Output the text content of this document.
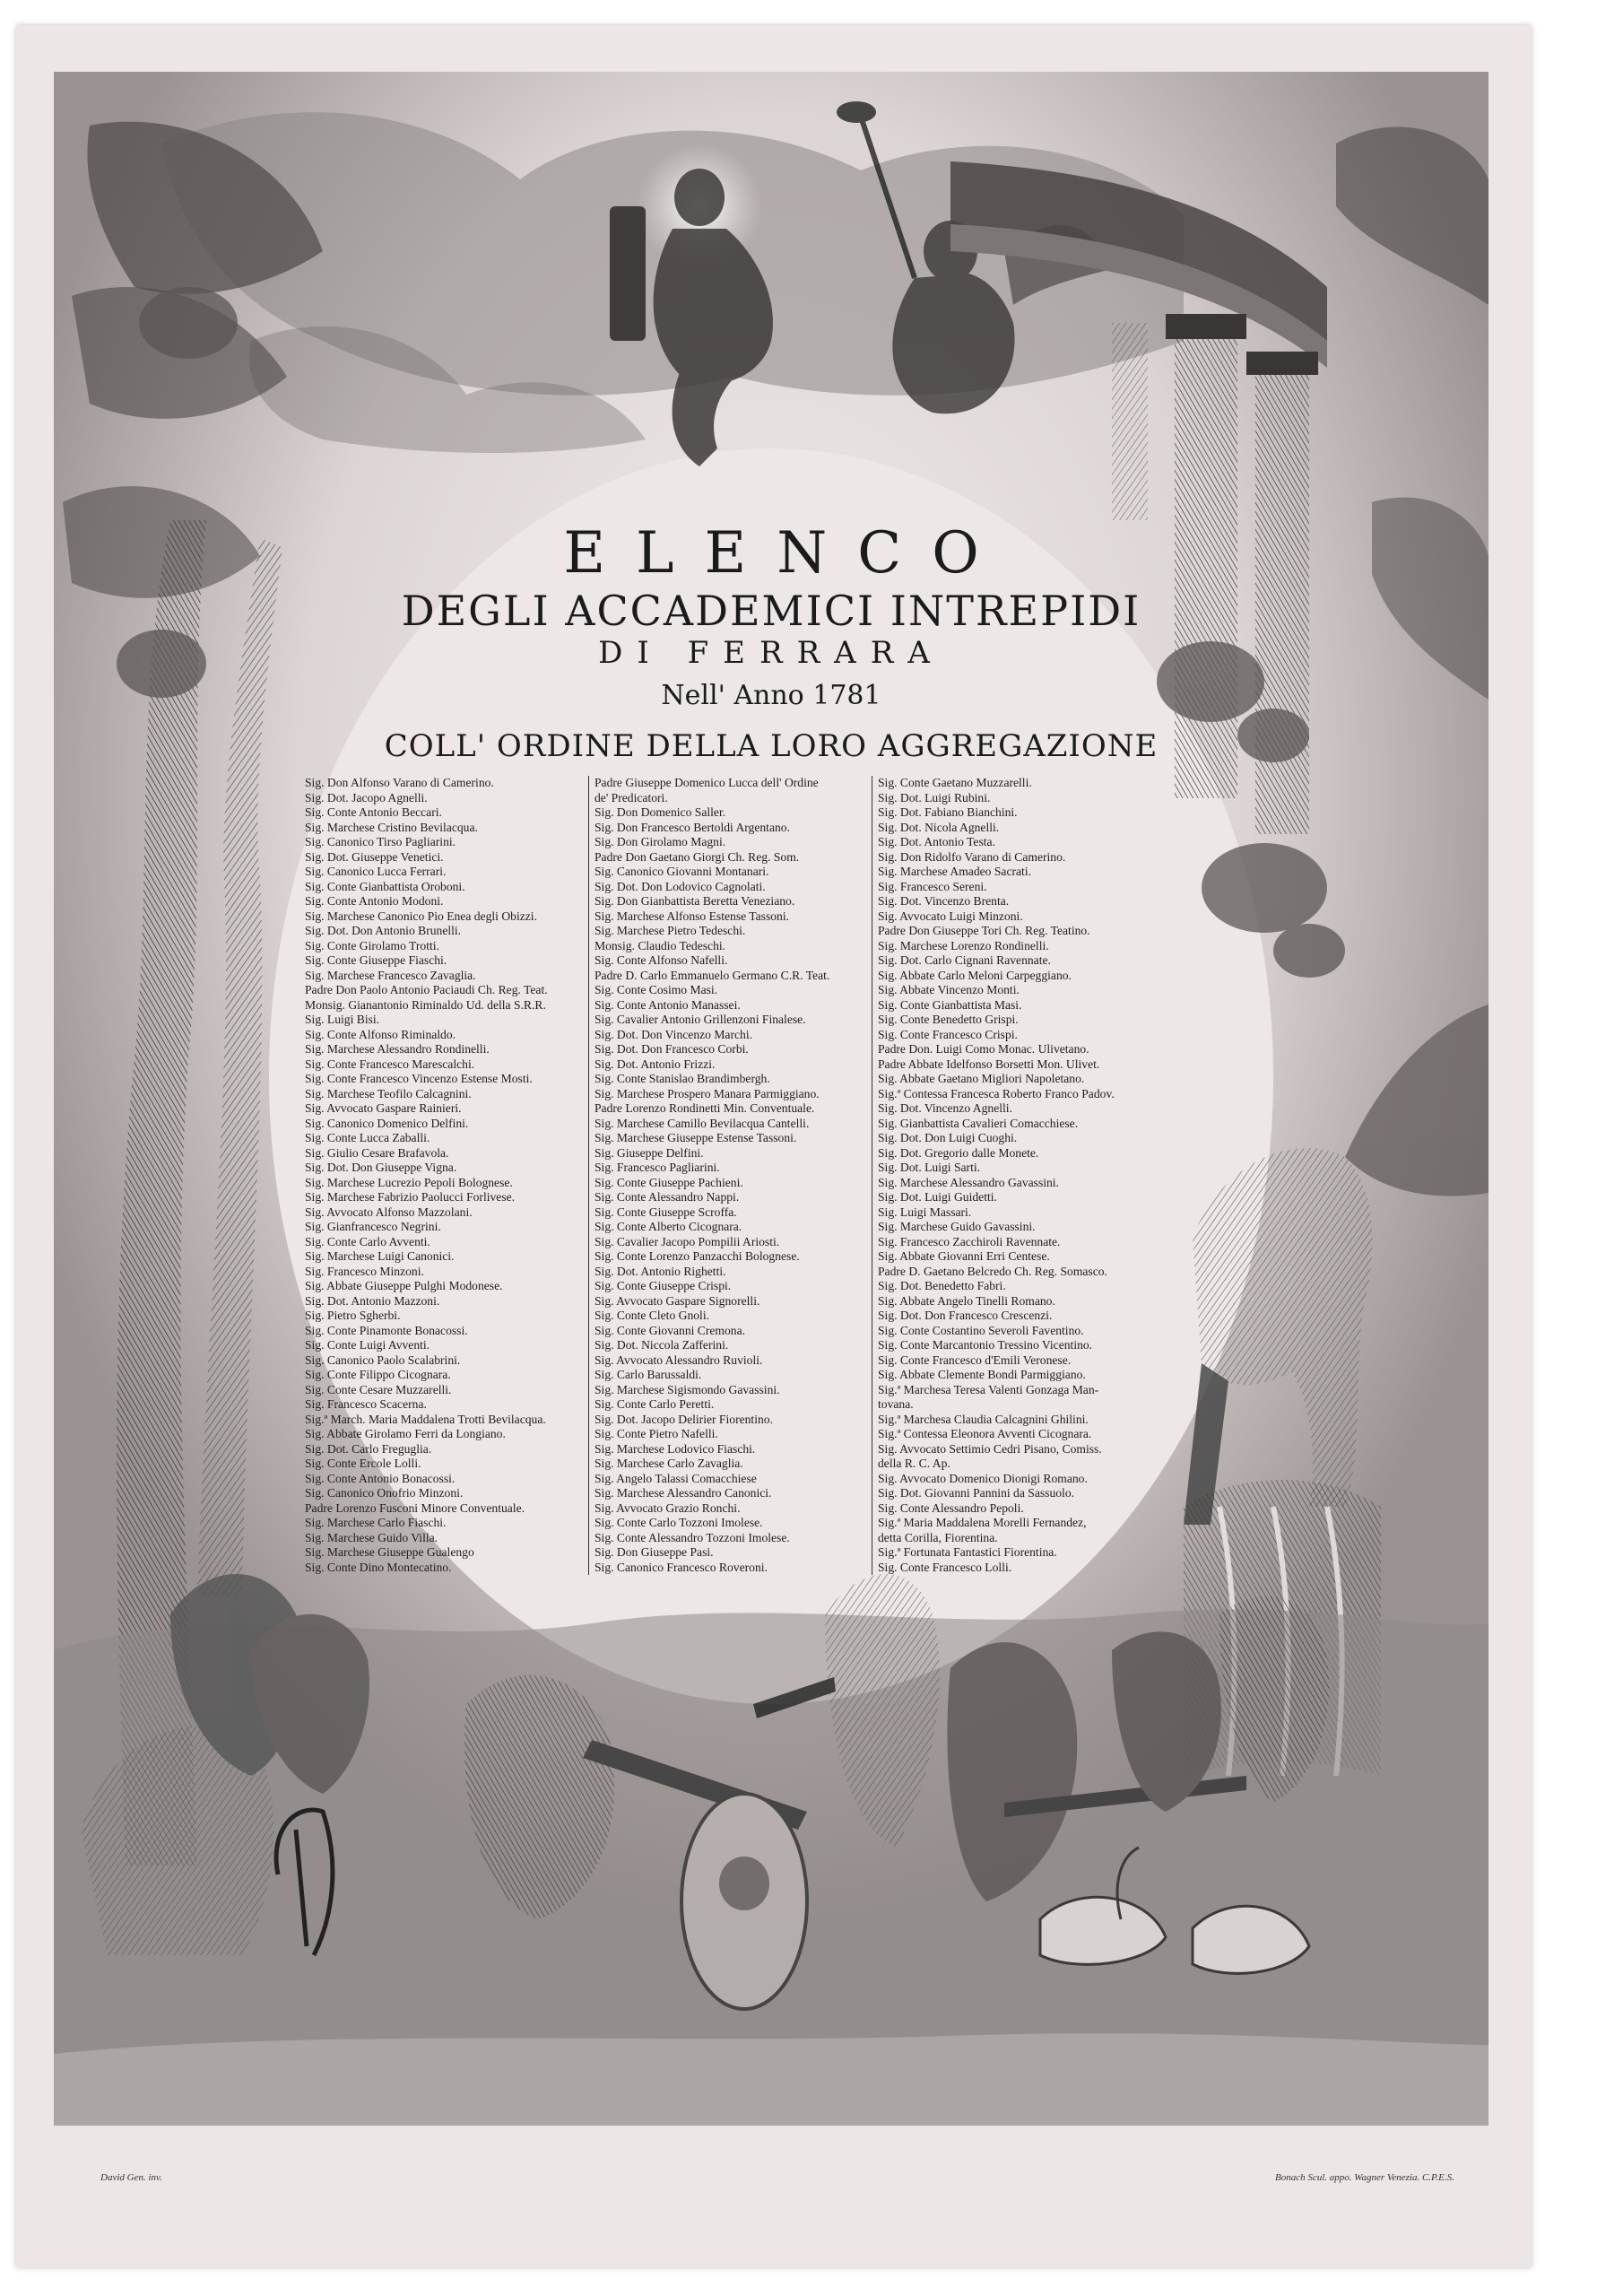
ELENCO
DEGLI ACCADEMICI INTREPIDI
DI FERRARA
Nell' Anno 1781
COLL' ORDINE DELLA LORO AGGREGAZIONE
Sig. Don Alfonso Varano di Camerino.
Sig. Dot. Jacopo Agnelli.
Sig. Conte Antonio Beccari.
Sig. Marchese Cristino Bevilacqua.
Sig. Canonico Tirso Pagliarini.
Sig. Dot. Giuseppe Venetici.
Sig. Canonico Lucca Ferrari.
Sig. Conte Gianbattista Oroboni.
Sig. Conte Antonio Modoni.
Sig. Marchese Canonico Pio Enea degli Obizzi.
Sig. Dot. Don Antonio Brunelli.
Sig. Conte Girolamo Trotti.
Sig. Conte Giuseppe Fiaschi.
Sig. Marchese Francesco Zavaglia.
Padre Don Paolo Antonio Paciaudi Ch. Reg. Teat.
Monsig. Gianantonio Riminaldo Ud. della S.R.R.
Sig. Luigi Bisi.
Sig. Conte Alfonso Riminaldo.
Sig. Marchese Alessandro Rondinelli.
Sig. Conte Francesco Marescalchi.
Sig. Conte Francesco Vincenzo Estense Mosti.
Sig. Marchese Teofilo Calcagnini.
Sig. Avvocato Gaspare Rainieri.
Sig. Canonico Domenico Delfini.
Sig. Conte Lucca Zaballi.
Sig. Giulio Cesare Brafavola.
Sig. Dot. Don Giuseppe Vigna.
Sig. Marchese Lucrezio Pepoli Bolognese.
Sig. Marchese Fabrizio Paolucci Forlivese.
Sig. Avvocato Alfonso Mazzolani.
Sig. Gianfrancesco Negrini.
Sig. Conte Carlo Avventi.
Sig. Marchese Luigi Canonici.
Sig. Francesco Minzoni.
Sig. Abbate Giuseppe Pulghi Modonese.
Sig. Dot. Antonio Mazzoni.
Sig. Pietro Sgherbi.
Sig. Conte Pinamonte Bonacossi.
Sig. Conte Luigi Avventi.
Sig. Canonico Paolo Scalabrini.
Sig. Conte Filippo Cicognara.
Sig. Conte Cesare Muzzarelli.
Sig. Francesco Scacerna.
Sig.ª March. Maria Maddalena Trotti Bevilacqua.
Sig. Abbate Girolamo Ferri da Longiano.
Sig. Dot. Carlo Freguglia.
Sig. Conte Ercole Lolli.
Sig. Conte Antonio Bonacossi.
Sig. Canonico Onofrio Minzoni.
Padre Lorenzo Fusconi Minore Conventuale.
Sig. Marchese Carlo Fiaschi.
Sig. Marchese Guido Villa.
Sig. Marchese Giuseppe Gualengo
Sig. Conte Dino Montecatino.
Padre Giuseppe Domenico Lucca dell' Ordine
de' Predicatori.
Sig. Don Domenico Saller.
Sig. Don Francesco Bertoldi Argentano.
Sig. Don Girolamo Magni.
Padre Don Gaetano Giorgi Ch. Reg. Som.
Sig. Canonico Giovanni Montanari.
Sig. Dot. Don Lodovico Cagnolati.
Sig. Don Gianbattista Beretta Veneziano.
Sig. Marchese Alfonso Estense Tassoni.
Sig. Marchese Pietro Tedeschi.
Monsig. Claudio Tedeschi.
Sig. Conte Alfonso Nafelli.
Padre D. Carlo Emmanuelo Germano C.R. Teat.
Sig. Conte Cosimo Masi.
Sig. Conte Antonio Manassei.
Sig. Cavalier Antonio Grillenzoni Finalese.
Sig. Dot. Don Vincenzo Marchi.
Sig. Dot. Don Francesco Corbi.
Sig. Dot. Antonio Frizzi.
Sig. Conte Stanislao Brandimbergh.
Sig. Marchese Prospero Manara Parmiggiano.
Padre Lorenzo Rondinetti Min. Conventuale.
Sig. Marchese Camillo Bevilacqua Cantelli.
Sig. Marchese Giuseppe Estense Tassoni.
Sig. Giuseppe Delfini.
Sig. Francesco Pagliarini.
Sig. Conte Giuseppe Pachieni.
Sig. Conte Alessandro Nappi.
Sig. Conte Giuseppe Scroffa.
Sig. Conte Alberto Cicognara.
Sig. Cavalier Jacopo Pompilii Ariosti.
Sig. Conte Lorenzo Panzacchi Bolognese.
Sig. Dot. Antonio Righetti.
Sig. Conte Giuseppe Crispi.
Sig. Avvocato Gaspare Signorelli.
Sig. Conte Cleto Gnoli.
Sig. Conte Giovanni Cremona.
Sig. Dot. Niccola Zafferini.
Sig. Avvocato Alessandro Ruvioli.
Sig. Carlo Barussaldi.
Sig. Marchese Sigismondo Gavassini.
Sig. Conte Carlo Peretti.
Sig. Dot. Jacopo Delirier Fiorentino.
Sig. Conte Pietro Nafelli.
Sig. Marchese Lodovico Fiaschi.
Sig. Marchese Carlo Zavaglia.
Sig. Angelo Talassi Comacchiese
Sig. Marchese Alessandro Canonici.
Sig. Avvocato Grazio Ronchi.
Sig. Conte Carlo Tozzoni Imolese.
Sig. Conte Alessandro Tozzoni Imolese.
Sig. Don Giuseppe Pasi.
Sig. Canonico Francesco Roveroni.
Sig. Conte Gaetano Muzzarelli.
Sig. Dot. Luigi Rubini.
Sig. Dot. Fabiano Bianchini.
Sig. Dot. Nicola Agnelli.
Sig. Dot. Antonio Testa.
Sig. Don Ridolfo Varano di Camerino.
Sig. Marchese Amadeo Sacrati.
Sig. Francesco Sereni.
Sig. Dot. Vincenzo Brenta.
Sig. Avvocato Luigi Minzoni.
Padre Don Giuseppe Tori Ch. Reg. Teatino.
Sig. Marchese Lorenzo Rondinelli.
Sig. Dot. Carlo Cignani Ravennate.
Sig. Abbate Carlo Meloni Carpeggiano.
Sig. Abbate Vincenzo Monti.
Sig. Conte Gianbattista Masi.
Sig. Conte Benedetto Grispi.
Sig. Conte Francesco Crispi.
Padre Don. Luigi Como Monac. Ulivetano.
Padre Abbate Idelfonso Borsetti Mon. Ulivet.
Sig. Abbate Gaetano Migliori Napoletano.
Sig.ª Contessa Francesca Roberto Franco Padov.
Sig. Dot. Vincenzo Agnelli.
Sig. Gianbattista Cavalieri Comacchiese.
Sig. Dot. Don Luigi Cuoghi.
Sig. Dot. Gregorio dalle Monete.
Sig. Dot. Luigi Sarti.
Sig. Marchese Alessandro Gavassini.
Sig. Dot. Luigi Guidetti.
Sig. Luigi Massari.
Sig. Marchese Guido Gavassini.
Sig. Francesco Zacchiroli Ravennate.
Sig. Abbate Giovanni Erri Centese.
Padre D. Gaetano Belcredo Ch. Reg. Somasco.
Sig. Dot. Benedetto Fabri.
Sig. Abbate Angelo Tinelli Romano.
Sig. Dot. Don Francesco Crescenzi.
Sig. Conte Costantino Severoli Faventino.
Sig. Conte Marcantonio Tressino Vicentino.
Sig. Conte Francesco d'Emili Veronese.
Sig. Abbate Clemente Bondi Parmiggiano.
Sig.ª Marchesa Teresa Valenti Gonzaga Man-
tovana.
Sig.ª Marchesa Claudia Calcagnini Ghilini.
Sig.ª Contessa Eleonora Avventi Cicognara.
Sig. Avvocato Settimio Cedri Pisano, Comiss.
della R. C. Ap.
Sig. Avvocato Domenico Dionigi Romano.
Sig. Dot. Giovanni Pannini da Sassuolo.
Sig. Conte Alessandro Pepoli.
Sig.ª Maria Maddalena Morelli Fernandez,
detta Corilla, Fiorentina.
Sig.ª Fortunata Fantastici Fiorentina.
Sig. Conte Francesco Lolli.
David Gen. inv.	Bonach Scul. appo. Wagner Venezia. C.P.E.S.
